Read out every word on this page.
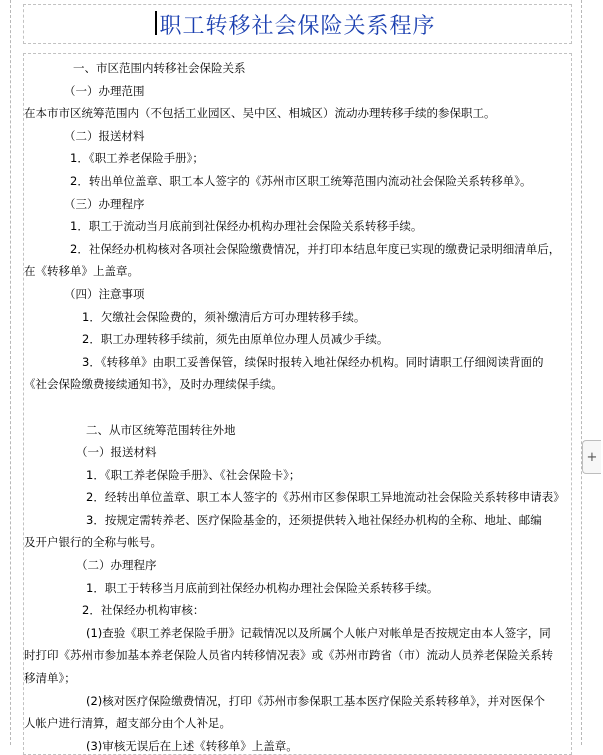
职工转移社会保险关系程序

一、市区范围内转移社会保险关系

（一）办理范围

在本市市区统筹范围内（不包括工业园区、吴中区、相城区）流动办理转移手续的参保职工。

（二）报送材料

1．《职工养老保险手册》；

2．转出单位盖章、职工本人签字的《苏州市区职工统筹范围内流动社会保险关系转移单》。

（三）办理程序

1．职工于流动当月底前到社保经办机构办理社会保险关系转移手续。

2．社保经办机构核对各项社会保险缴费情况，并打印本结息年度已实现的缴费记录明细清单后，

在《转移单》上盖章。

（四）注意事项

1．欠缴社会保险费的，须补缴清后方可办理转移手续。

2．职工办理转移手续前，须先由原单位办理人员减少手续。

3．《转移单》由职工妥善保管，续保时报转入地社保经办机构。同时请职工仔细阅读背面的

《社会保险缴费接续通知书》，及时办理续保手续。

二、从市区统筹范围转往外地

（一）报送材料

1．《职工养老保险手册》、《社会保险卡》；

2．经转出单位盖章、职工本人签字的《苏州市区参保职工异地流动社会保险关系转移申请表》

3．按规定需转养老、医疗保险基金的，还须提供转入地社保经办机构的全称、地址、邮编

及开户银行的全称与帐号。

（二）办理程序

1．职工于转移当月底前到社保经办机构办理社会保险关系转移手续。

2．社保经办机构审核：

(1)查验《职工养老保险手册》记载情况以及所属个人帐户对帐单是否按规定由本人签字，同

时打印《苏州市参加基本养老保险人员省内转移情况表》或《苏州市跨省（市）流动人员养老保险关系转

移清单》；

(2)核对医疗保险缴费情况，打印《苏州市参保职工基本医疗保险关系转移单》，并对医保个

人帐户进行清算，超支部分由个人补足。

(3)审核无误后在上述《转移单》上盖章。

+
